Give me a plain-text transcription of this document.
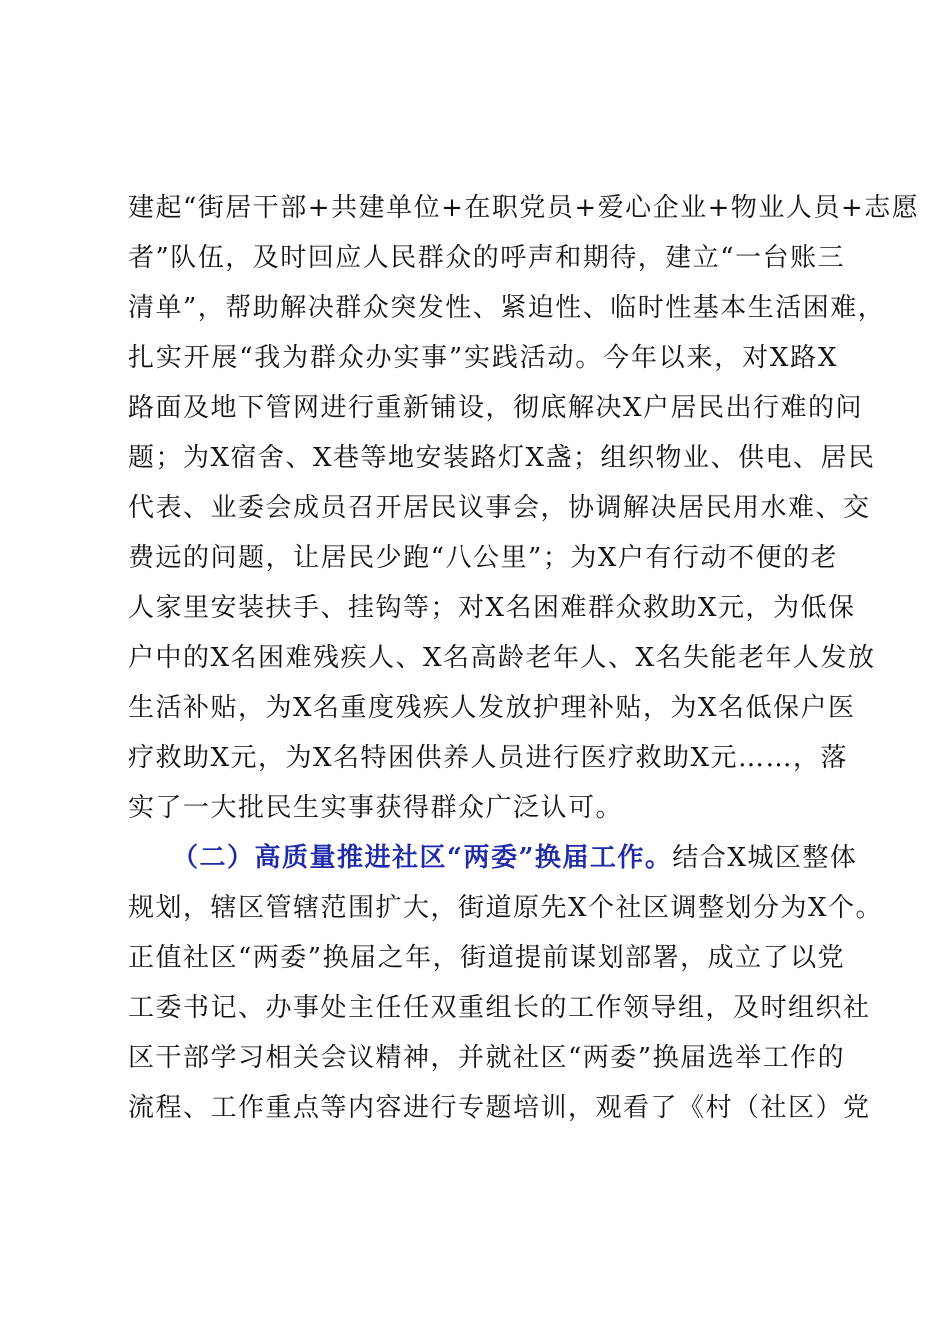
建起“街居干部+共建单位+在职党员+爱心企业+物业人员+志愿
者”队伍，及时回应人民群众的呼声和期待，建立“一台账三
清单”，帮助解决群众突发性、紧迫性、临时性基本生活困难，
扎实开展“我为群众办实事”实践活动。今年以来，对X路X
路面及地下管网进行重新铺设，彻底解决X户居民出行难的问
题；为X宿舍、X巷等地安装路灯X盏；组织物业、供电、居民
代表、业委会成员召开居民议事会，协调解决居民用水难、交
费远的问题，让居民少跑“八公里”；为X户有行动不便的老
人家里安装扶手、挂钩等；对X名困难群众救助X元，为低保
户中的X名困难残疾人、X名高龄老年人、X名失能老年人发放
生活补贴，为X名重度残疾人发放护理补贴，为X名低保户医
疗救助X元，为X名特困供养人员进行医疗救助X元……，落
实了一大批民生实事获得群众广泛认可。
（二）高质量推进社区“两委”换届工作。结合X城区整体
规划，辖区管辖范围扩大，街道原先X个社区调整划分为X个。
正值社区“两委”换届之年，街道提前谋划部署，成立了以党
工委书记、办事处主任任双重组长的工作领导组，及时组织社
区干部学习相关会议精神，并就社区“两委”换届选举工作的
流程、工作重点等内容进行专题培训，观看了《村（社区）党
